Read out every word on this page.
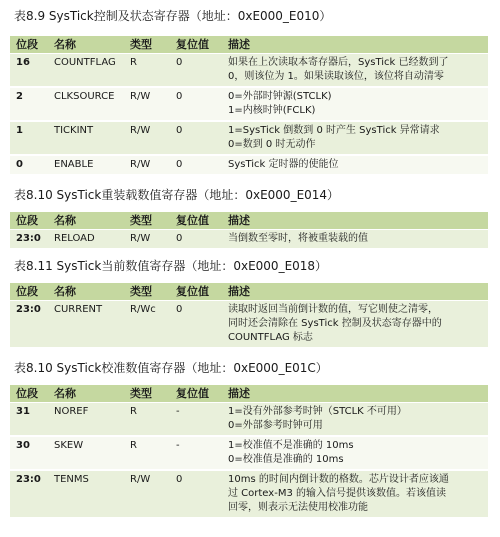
表8.9 SysTick控制及状态寄存器（地址：0xE000_E010）
位段	名称	类型	复位值	描述
16	COUNTFLAG	R	0	如果在上次读取本寄存器后，SysTick 已经数到了
0，则该位为 1。如果读取该位，该位将自动清零

2	CLKSOURCE	R/W	0	0=外部时钟源(STCLK)
1=内核时钟(FCLK)

1	TICKINT	R/W	0	1=SysTick 倒数到 0 时产生 SysTick 异常请求
0=数到 0 时无动作

0	ENABLE	R/W	0	SysTick 定时器的使能位
表8.10 SysTick重装载数值寄存器（地址：0xE000_E014）
位段	名称	类型	复位值	描述
23:0	RELOAD	R/W	0	当倒数至零时，将被重装载的值
表8.11 SysTick当前数值寄存器（地址：0xE000_E018）
位段	名称	类型	复位值	描述
23:0	CURRENT	R/Wc	0	读取时返回当前倒计数的值，写它则使之清零，
同时还会清除在 SysTick 控制及状态寄存器中的
COUNTFLAG 标志
表8.10 SysTick校准数值寄存器（地址：0xE000_E01C）
位段	名称	类型	复位值	描述
31	NOREF	R	-	1=没有外部参考时钟（STCLK 不可用）
0=外部参考时钟可用

30	SKEW	R	-	1=校准值不是准确的 10ms
0=校准值是准确的 10ms

23:0	TENMS	R/W	0	10ms 的时间内倒计数的格数。芯片设计者应该通
过 Cortex-M3 的输入信号提供该数值。若该值读
回零，则表示无法使用校准功能
